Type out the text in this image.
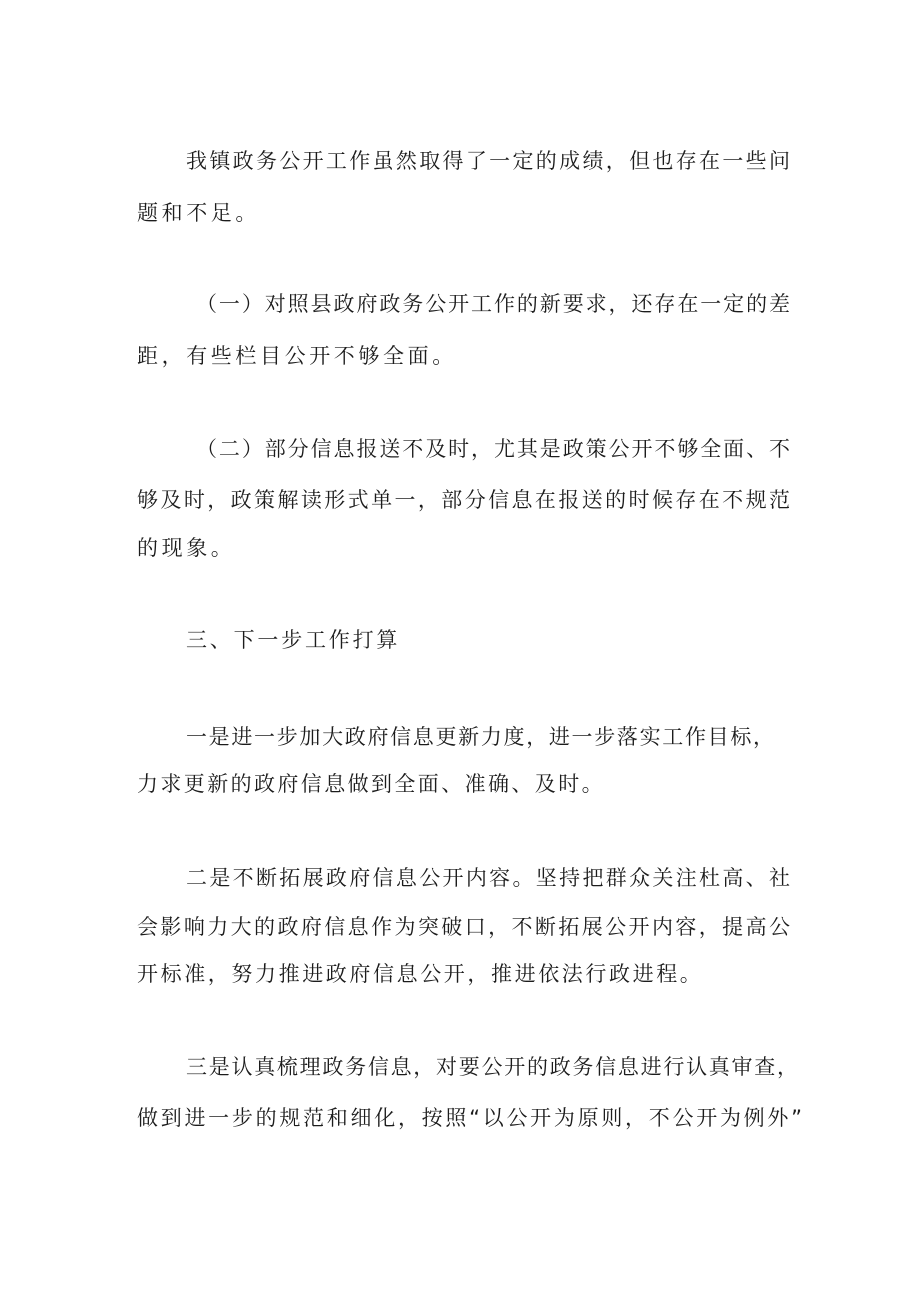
我镇政务公开工作虽然取得了一定的成绩，但也存在一些问

题和不足。

（一）对照县政府政务公开工作的新要求，还存在一定的差

距，有些栏目公开不够全面。

（二）部分信息报送不及时，尤其是政策公开不够全面、不

够及时，政策解读形式单一，部分信息在报送的时候存在不规范

的现象。

三、下一步工作打算

一是进一步加大政府信息更新力度，进一步落实工作目标，

力求更新的政府信息做到全面、准确、及时。

二是不断拓展政府信息公开内容。坚持把群众关注杜高、社

会影响力大的政府信息作为突破口，不断拓展公开内容，提高公

开标准，努力推进政府信息公开，推进依法行政进程。

三是认真梳理政务信息，对要公开的政务信息进行认真审查，

做到进一步的规范和细化，按照“以公开为原则，不公开为例外”
